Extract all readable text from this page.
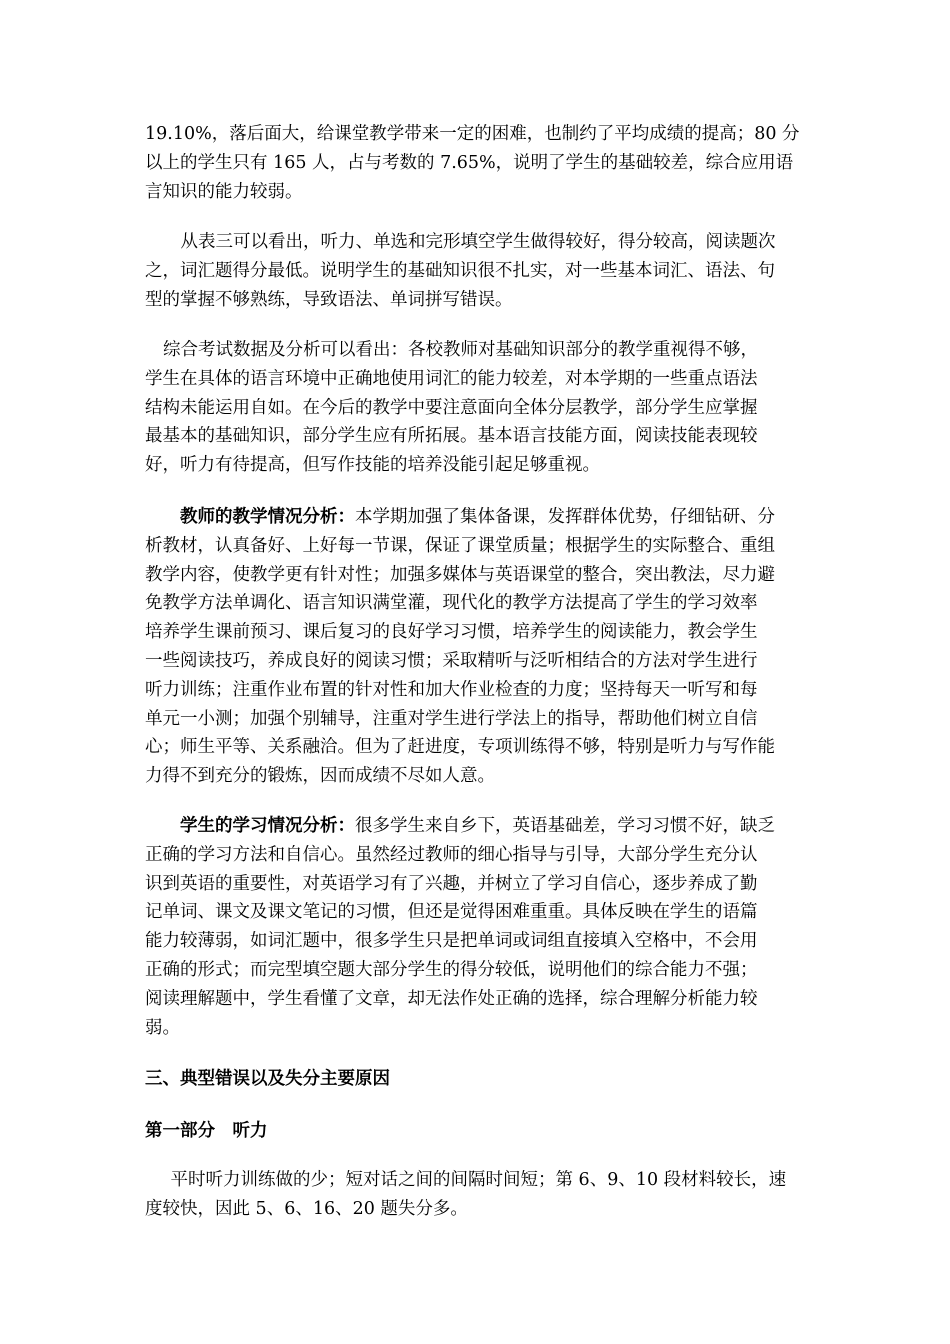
19.10%，落后面大，给课堂教学带来一定的困难，也制约了平均成绩的提高；80 分
以上的学生只有 165 人，占与考数的 7.65%，说明了学生的基础较差，综合应用语
言知识的能力较弱。
　从表三可以看出，听力、单选和完形填空学生做得较好，得分较高，阅读题次
之，词汇题得分最低。说明学生的基础知识很不扎实，对一些基本词汇、语法、句
型的掌握不够熟练，导致语法、单词拼写错误。
综合考试数据及分析可以看出：各校教师对基础知识部分的教学重视得不够，
学生在具体的语言环境中正确地使用词汇的能力较差，对本学期的一些重点语法
结构未能运用自如。在今后的教学中要注意面向全体分层教学，部分学生应掌握
最基本的基础知识，部分学生应有所拓展。基本语言技能方面，阅读技能表现较
好，听力有待提高，但写作技能的培养没能引起足够重视。
教师的教学情况分析：本学期加强了集体备课，发挥群体优势，仔细钻研、分
析教材，认真备好、上好每一节课，保证了课堂质量；根据学生的实际整合、重组
教学内容，使教学更有针对性；加强多媒体与英语课堂的整合，突出教法，尽力避
免教学方法单调化、语言知识满堂灌，现代化的教学方法提高了学生的学习效率
培养学生课前预习、课后复习的良好学习习惯，培养学生的阅读能力，教会学生
一些阅读技巧，养成良好的阅读习惯；采取精听与泛听相结合的方法对学生进行
听力训练；注重作业布置的针对性和加大作业检查的力度；坚持每天一听写和每
单元一小测；加强个别辅导，注重对学生进行学法上的指导，帮助他们树立自信
心；师生平等、关系融洽。但为了赶进度，专项训练得不够，特别是听力与写作能
力得不到充分的锻炼，因而成绩不尽如人意。
学生的学习情况分析：很多学生来自乡下，英语基础差，学习习惯不好，缺乏
正确的学习方法和自信心。虽然经过教师的细心指导与引导，大部分学生充分认
识到英语的重要性，对英语学习有了兴趣，并树立了学习自信心，逐步养成了勤
记单词、课文及课文笔记的习惯，但还是觉得困难重重。具体反映在学生的语篇
能力较薄弱，如词汇题中，很多学生只是把单词或词组直接填入空格中，不会用
正确的形式；而完型填空题大部分学生的得分较低，说明他们的综合能力不强；
阅读理解题中，学生看懂了文章，却无法作处正确的选择，综合理解分析能力较
弱。
三、典型错误以及失分主要原因
第一部分　听力
　平时听力训练做的少；短对话之间的间隔时间短；第 6、9、10 段材料较长，速
度较快，因此 5、6、16、20 题失分多。
